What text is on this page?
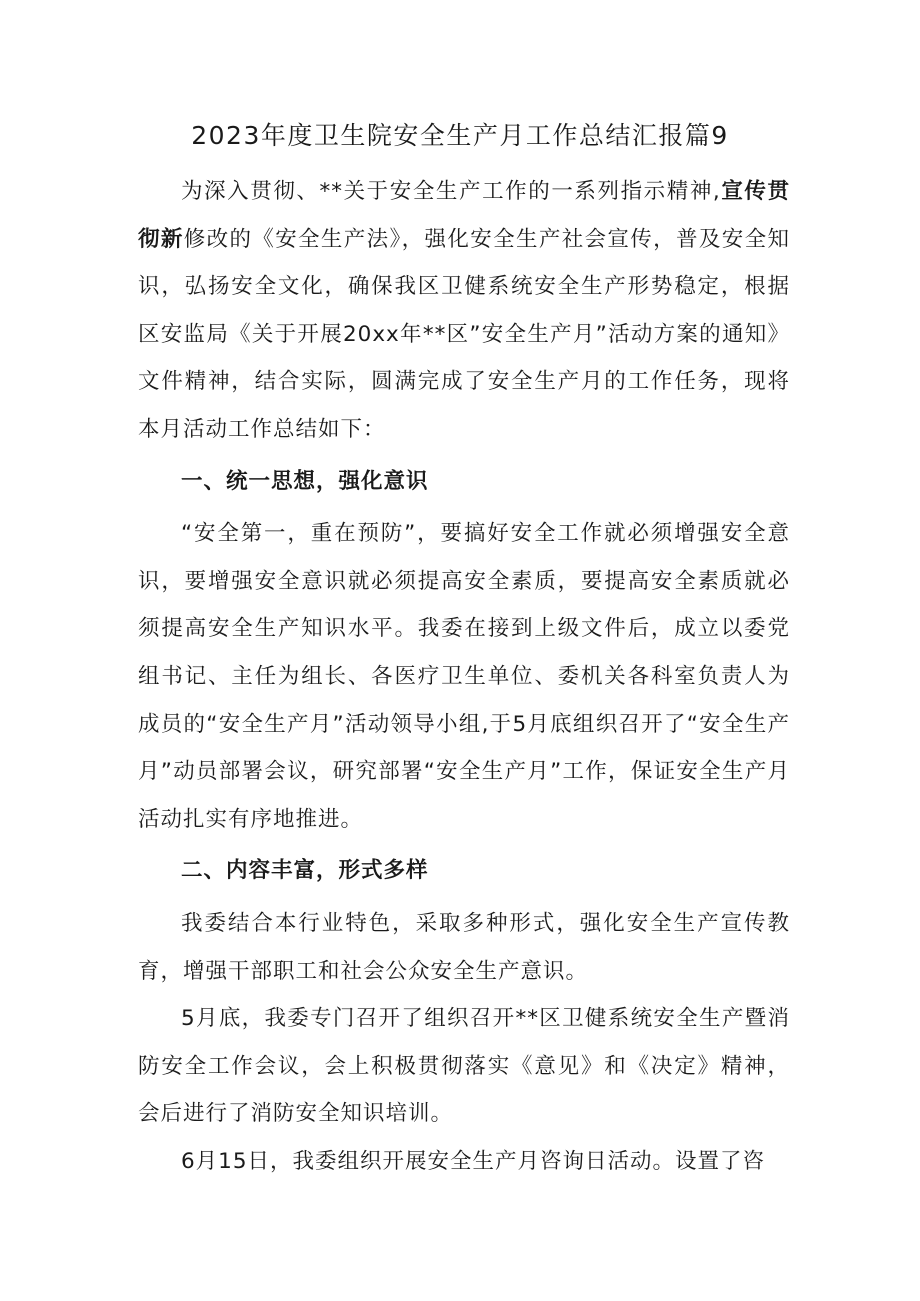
2023年度卫生院安全生产月工作总结汇报篇9

为深入贯彻、**关于安全生产工作的一系列指示精神,宣传贯彻新修改的《安全生产法》，强化安全生产社会宣传，普及安全知识，弘扬安全文化，确保我区卫健系统安全生产形势稳定，根据区安监局《关于开展20xx年**区”安全生产月”活动方案的通知》文件精神，结合实际，圆满完成了安全生产月的工作任务，现将本月活动工作总结如下：

一、统一思想，强化意识

“安全第一，重在预防”，要搞好安全工作就必须增强安全意识，要增强安全意识就必须提高安全素质，要提高安全素质就必须提高安全生产知识水平。我委在接到上级文件后，成立以委党组书记、主任为组长、各医疗卫生单位、委机关各科室负责人为成员的“安全生产月”活动领导小组,于5月底组织召开了“安全生产月”动员部署会议，研究部署“安全生产月”工作，保证安全生产月活动扎实有序地推进。

二、内容丰富，形式多样

我委结合本行业特色，采取多种形式，强化安全生产宣传教育，增强干部职工和社会公众安全生产意识。

5月底，我委专门召开了组织召开**区卫健系统安全生产暨消防安全工作会议，会上积极贯彻落实《意见》和《决定》精神，会后进行了消防安全知识培训。

6月15日，我委组织开展安全生产月咨询日活动。设置了咨
